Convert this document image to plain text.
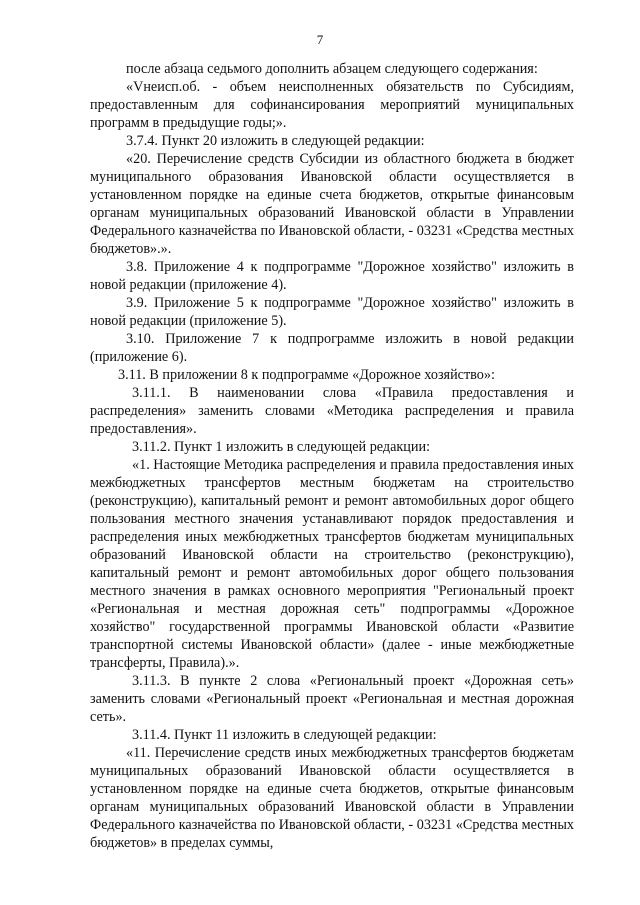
7

после абзаца седьмого дополнить абзацем следующего содержания:

«Vнеисп.об. - объем неисполненных обязательств по Субсидиям, предоставленным для софинансирования мероприятий муниципальных программ в предыдущие годы;».

3.7.4. Пункт 20 изложить в следующей редакции:

«20. Перечисление средств Субсидии из областного бюджета в бюджет муниципального образования Ивановской области осуществляется в установленном порядке на единые счета бюджетов, открытые финансовым органам муниципальных образований Ивановской области в Управлении Федерального казначейства по Ивановской области, - 03231 «Средства местных бюджетов».».

3.8. Приложение 4 к подпрограмме "Дорожное хозяйство" изложить в новой редакции (приложение 4).

3.9. Приложение 5 к подпрограмме "Дорожное хозяйство" изложить в новой редакции (приложение 5).

3.10. Приложение 7 к подпрограмме изложить в новой редакции (приложение 6).

3.11. В приложении 8 к подпрограмме «Дорожное хозяйство»:

3.11.1. В наименовании слова «Правила предоставления и распределения» заменить словами «Методика распределения и правила предоставления».

3.11.2. Пункт 1 изложить в следующей редакции:

«1. Настоящие Методика распределения и правила предоставления иных межбюджетных трансфертов местным бюджетам на строительство (реконструкцию), капитальный ремонт и ремонт автомобильных дорог общего пользования местного значения устанавливают порядок предоставления и распределения иных межбюджетных трансфертов бюджетам муниципальных образований Ивановской области на строительство (реконструкцию), капитальный ремонт и ремонт автомобильных дорог общего пользования местного значения в рамках основного мероприятия "Региональный проект «Региональная и местная дорожная сеть" подпрограммы «Дорожное хозяйство" государственной программы Ивановской области «Развитие транспортной системы Ивановской области» (далее - иные межбюджетные трансферты, Правила).».

3.11.3. В пункте 2 слова «Региональный проект «Дорожная сеть» заменить словами «Региональный проект «Региональная и местная дорожная сеть».

3.11.4. Пункт 11 изложить в следующей редакции:

«11. Перечисление средств иных межбюджетных трансфертов бюджетам муниципальных образований Ивановской области осуществляется в установленном порядке на единые счета бюджетов, открытые финансовым органам муниципальных образований Ивановской области в Управлении Федерального казначейства по Ивановской области, - 03231 «Средства местных бюджетов» в пределах суммы,
